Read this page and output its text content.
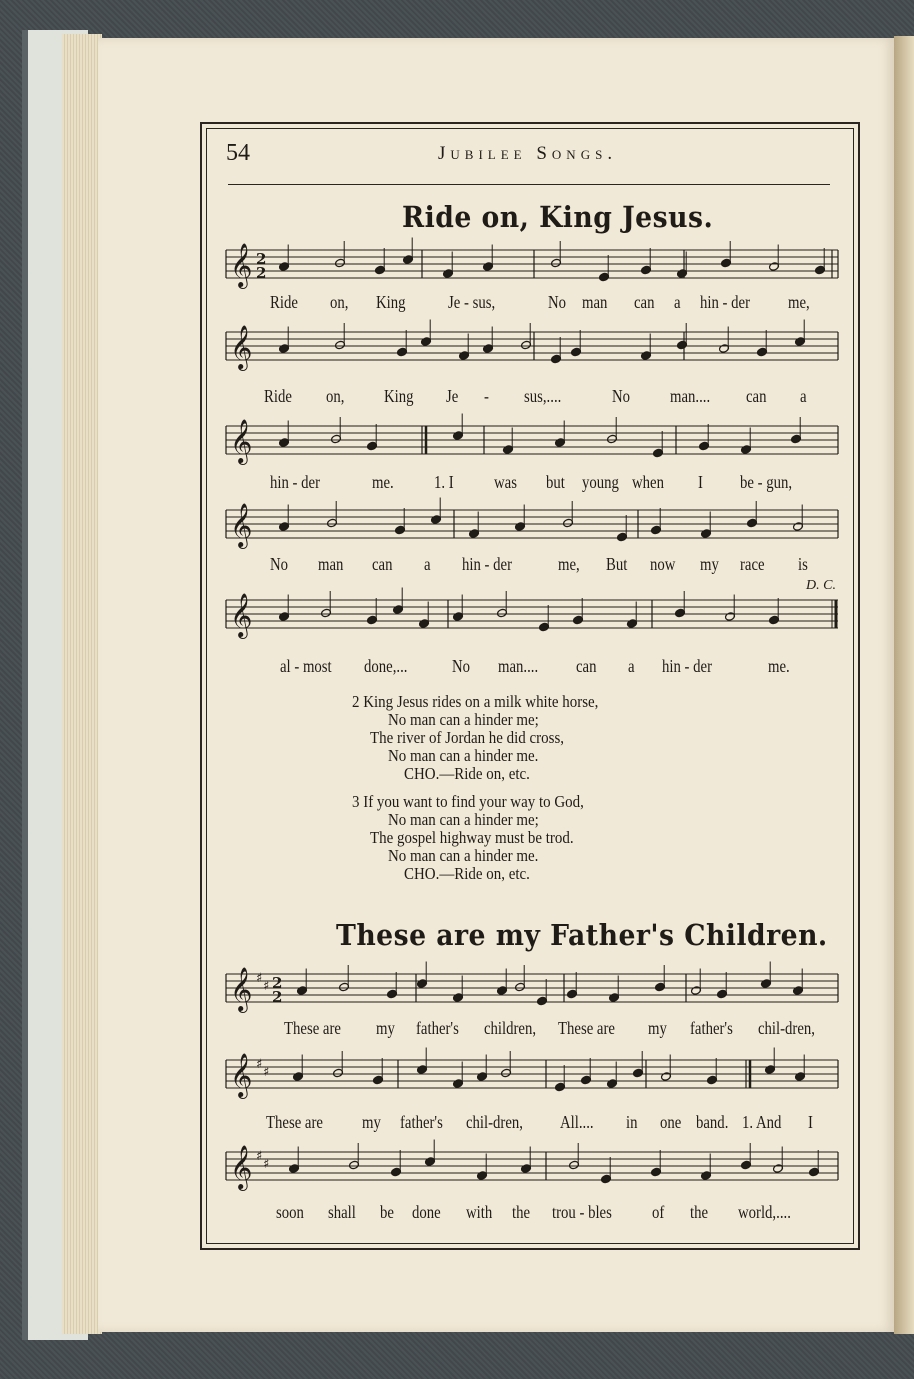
54	Jubilee Songs.
Ride on, King Jesus.
These are my Father's Children.
D. C.
𝄞 2
2
𝄞
𝄞
𝄞
𝄞
𝄞 ♯
♯ 2
2
𝄞 ♯
♯
𝄞 ♯
♯
Ride on, King Je - sus,	No man can a hin - der me,
Ride on, King Je - sus,....	No man.... can a
hin - der	me. 1. I was but young when I be - gun,
No man can a hin - der	me, But now my race is
al - most done,... No man.... can a hin - der	me.
2 King Jesus rides on a milk white horse,
No man can a hinder me;
The river of Jordan he did cross,
No man can a hinder me.
CHO.—Ride on, etc.
3 If you want to find your way to God,
No man can a hinder me;
The gospel highway must be trod.
No man can a hinder me.
CHO.—Ride on, etc.
These are my father's children, These are my father's chil-dren,
These are my father's chil-dren, All.... in one band. 1. And I
soon shall be done with the trou - bles of the world,....
